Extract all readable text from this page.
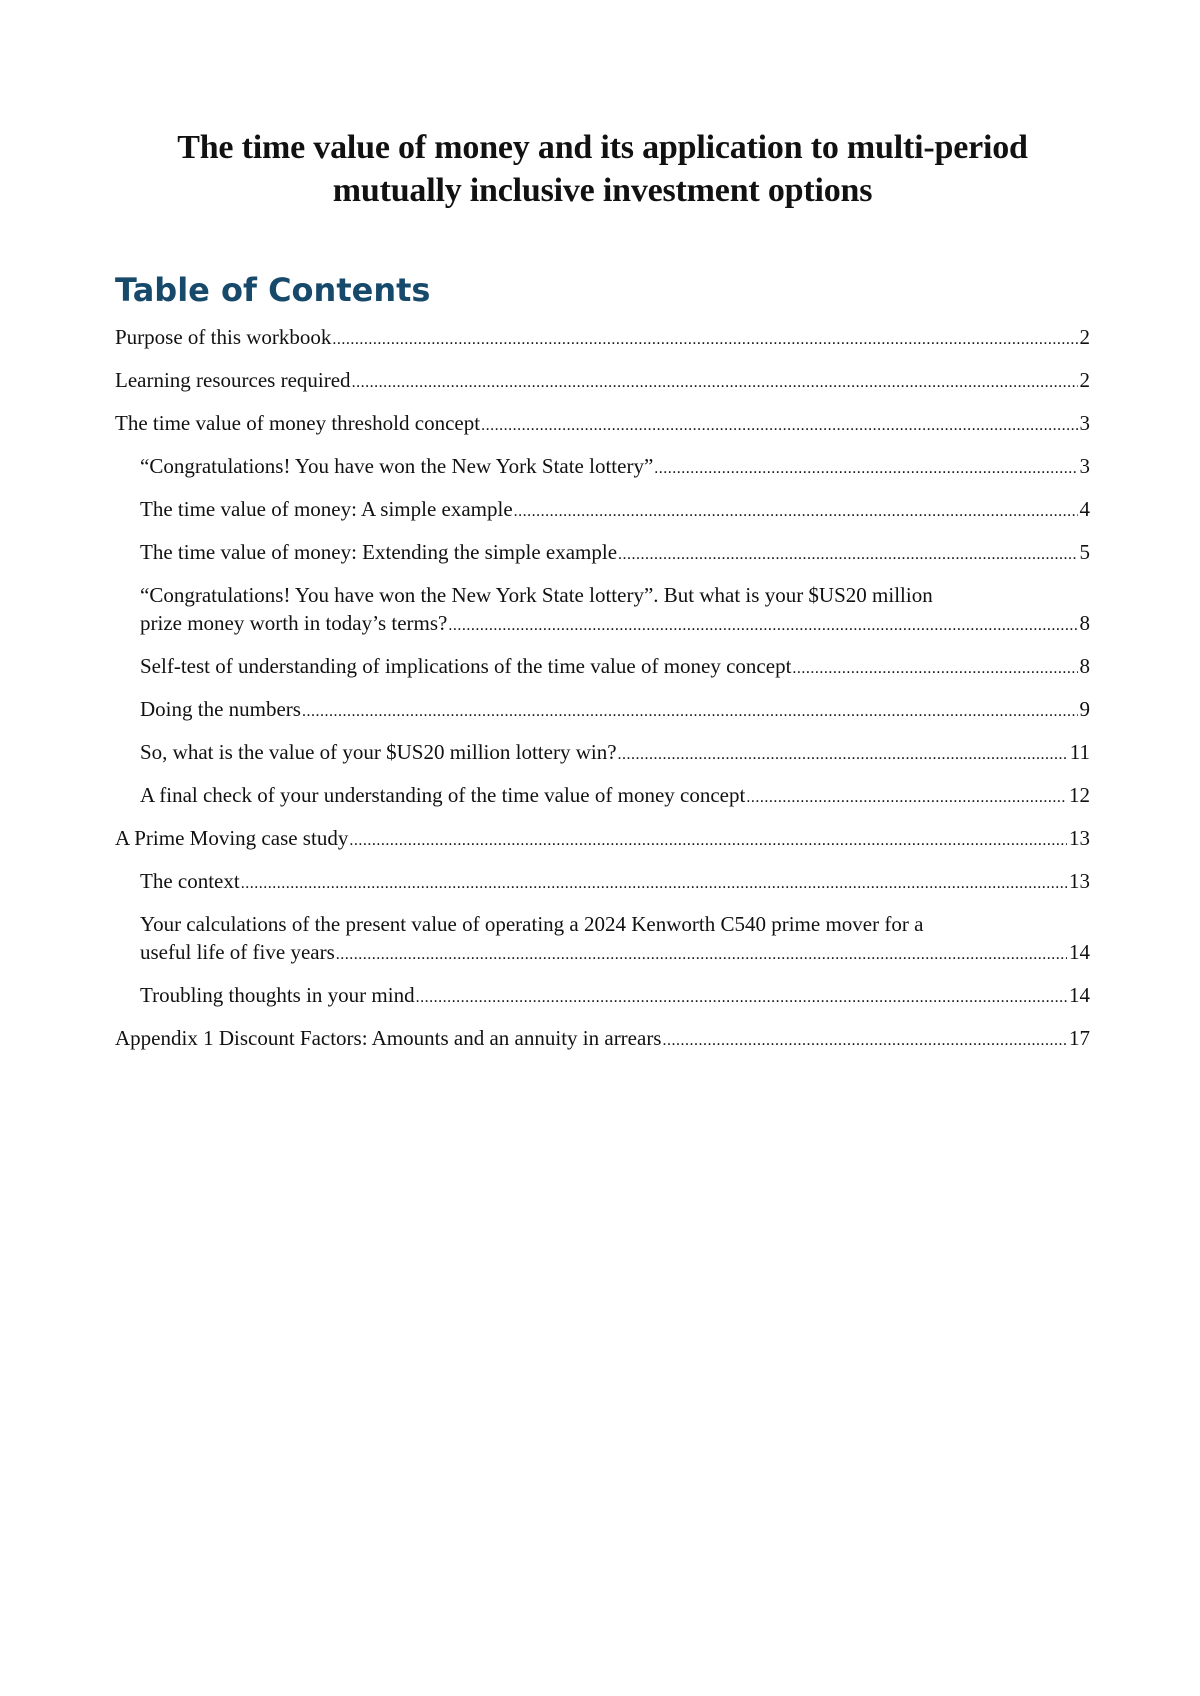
The time value of money and its application to multi-period mutually inclusive investment options
Table of Contents
Purpose of this workbook .....	2
Learning resources required .....	2
The time value of money threshold concept .....	3
“Congratulations! You have won the New York State lottery” .....	3
The time value of money: A simple example .....	4
The time value of money: Extending the simple example .....	5
“Congratulations! You have won the New York State lottery”. But what is your $US20 million
prize money worth in today’s terms? .....	8
Self-test of understanding of implications of the time value of money concept .....	8
Doing the numbers .....	9
So, what is the value of your $US20 million lottery win? .....	11
A final check of your understanding of the time value of money concept .....	12
A Prime Moving case study .....	13
The context .....	13
Your calculations of the present value of operating a 2024 Kenworth C540 prime mover for a
useful life of five years .....	14
Troubling thoughts in your mind .....	14
Appendix 1 Discount Factors: Amounts and an annuity in arrears .....	17
